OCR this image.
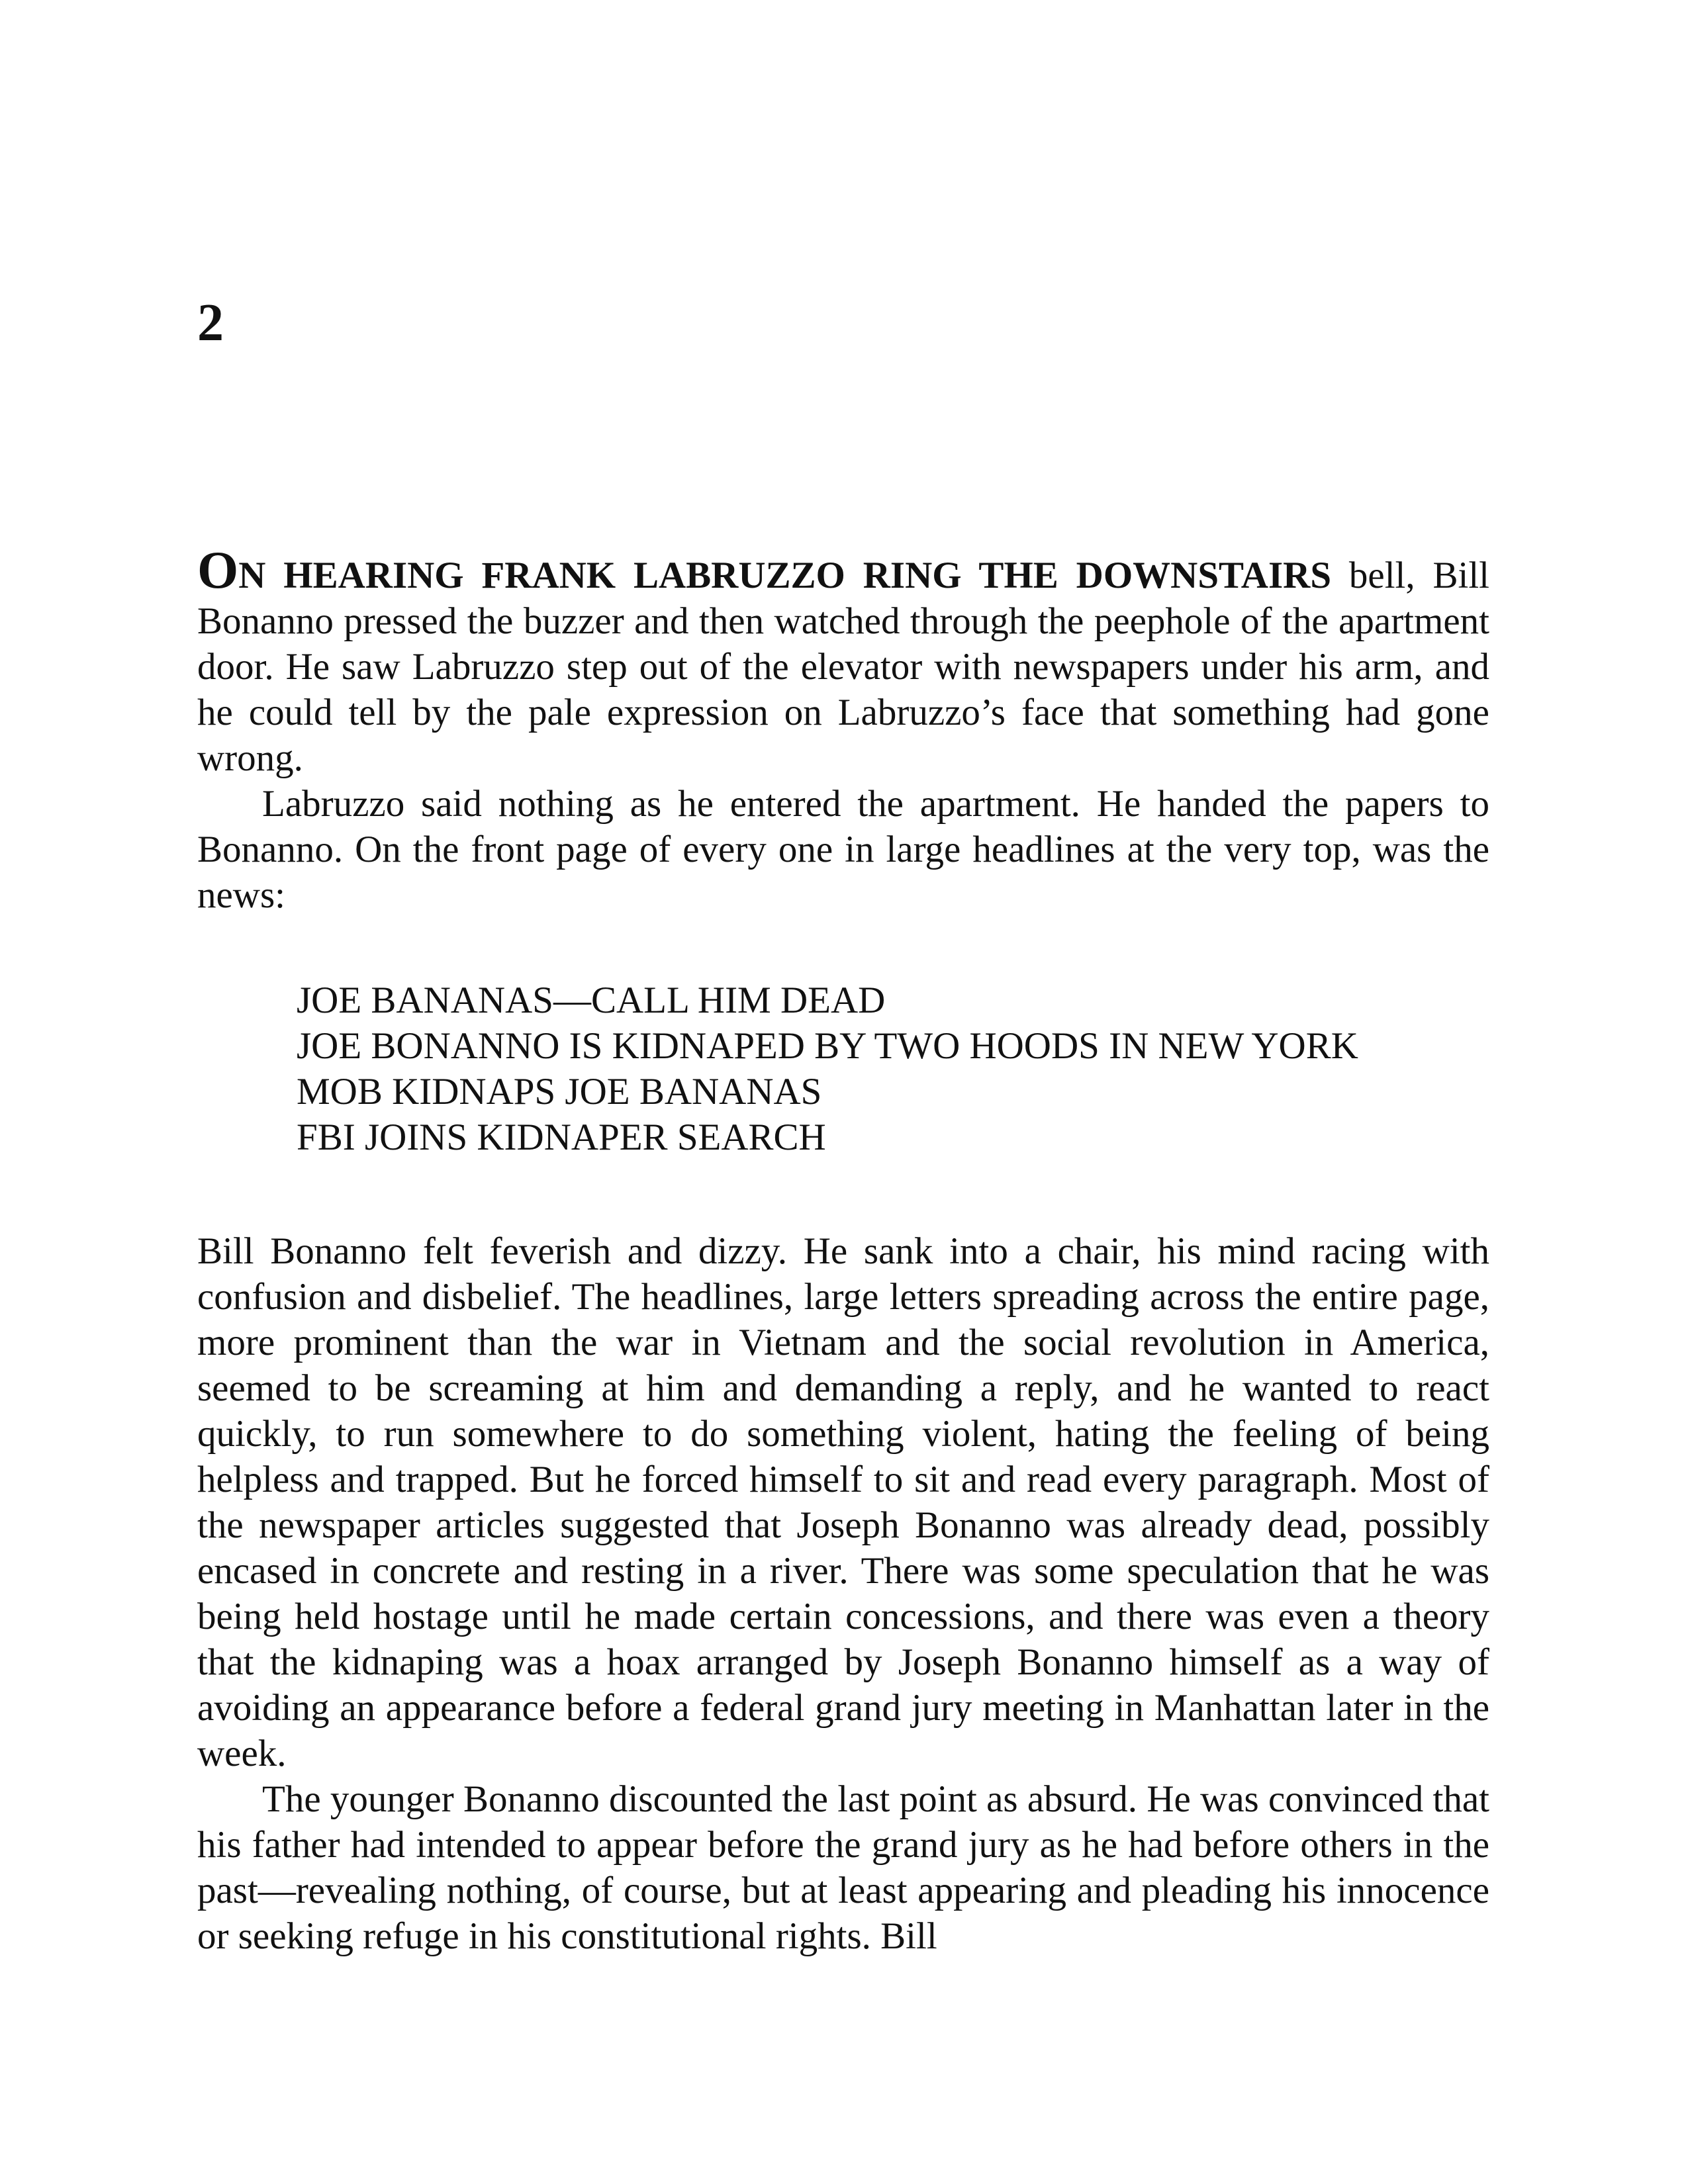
2

ON HEARING FRANK LABRUZZO RING THE DOWNSTAIRS bell, Bill Bonanno pressed the buzzer and then watched through the peephole of the apartment door. He saw Labruzzo step out of the elevator with newspapers under his arm, and he could tell by the pale expression on Labruzzo’s face that something had gone wrong.

Labruzzo said nothing as he entered the apartment. He handed the papers to Bonanno. On the front page of every one in large headlines at the very top, was the news:

JOE BANANAS—CALL HIM DEAD
JOE BONANNO IS KIDNAPED BY TWO HOODS IN NEW YORK
MOB KIDNAPS JOE BANANAS
FBI JOINS KIDNAPER SEARCH

Bill Bonanno felt feverish and dizzy. He sank into a chair, his mind racing with confusion and disbelief. The headlines, large letters spreading across the entire page, more prominent than the war in Vietnam and the social revolution in America, seemed to be screaming at him and demanding a reply, and he wanted to react quickly, to run somewhere to do something violent, hating the feeling of being helpless and trapped. But he forced himself to sit and read every paragraph. Most of the newspaper articles suggested that Joseph Bonanno was already dead, possibly encased in concrete and resting in a river. There was some speculation that he was being held hostage until he made certain concessions, and there was even a theory that the kidnaping was a hoax arranged by Joseph Bonanno himself as a way of avoiding an appearance before a federal grand jury meeting in Manhattan later in the week.

The younger Bonanno discounted the last point as absurd. He was convinced that his father had intended to appear before the grand jury as he had before others in the past—revealing nothing, of course, but at least appearing and pleading his innocence or seeking refuge in his constitutional rights. Bill
